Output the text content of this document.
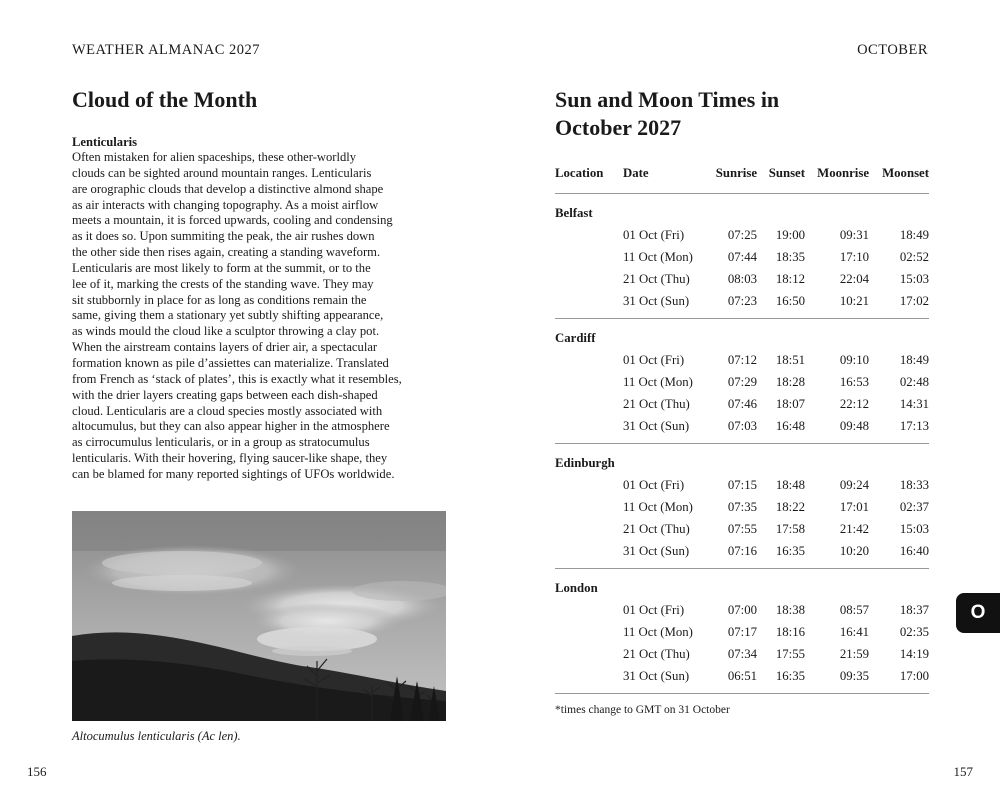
WEATHER ALMANAC 2027	OCTOBER
Cloud of the Month
Lenticularis
Often mistaken for alien spaceships, these other-worldly
clouds can be sighted around mountain ranges. Lenticularis
are orographic clouds that develop a distinctive almond shape
as air interacts with changing topography. As a moist airflow
meets a mountain, it is forced upwards, cooling and condensing
as it does so. Upon summiting the peak, the air rushes down
the other side then rises again, creating a standing waveform.
Lenticularis are most likely to form at the summit, or to the
lee of it, marking the crests of the standing wave. They may
sit stubbornly in place for as long as conditions remain the
same, giving them a stationary yet subtly shifting appearance,
as winds mould the cloud like a sculptor throwing a clay pot.
When the airstream contains layers of drier air, a spectacular
formation known as pile d’assiettes can materialize. Translated
from French as ‘stack of plates’, this is exactly what it resembles,
with the drier layers creating gaps between each dish-shaped
cloud. Lenticularis are a cloud species mostly associated with
altocumulus, but they can also appear higher in the atmosphere
as cirrocumulus lenticularis, or in a group as stratocumulus
lenticularis. With their hovering, flying saucer-like shape, they
can be blamed for many reported sightings of UFOs worldwide.
Altocumulus lenticularis (Ac len).
Sun and Moon Times in
October 2027
Location	Date	Sunrise	Sunset	Moonrise	Moonset
Belfast					
	01 Oct (Fri)	07:25	19:00	09:31	18:49
	11 Oct (Mon)	07:44	18:35	17:10	02:52
	21 Oct (Thu)	08:03	18:12	22:04	15:03
	31 Oct (Sun)	07:23	16:50	10:21	17:02

Cardiff					
	01 Oct (Fri)	07:12	18:51	09:10	18:49
	11 Oct (Mon)	07:29	18:28	16:53	02:48
	21 Oct (Thu)	07:46	18:07	22:12	14:31
	31 Oct (Sun)	07:03	16:48	09:48	17:13

Edinburgh					
	01 Oct (Fri)	07:15	18:48	09:24	18:33
	11 Oct (Mon)	07:35	18:22	17:01	02:37
	21 Oct (Thu)	07:55	17:58	21:42	15:03
	31 Oct (Sun)	07:16	16:35	10:20	16:40

London					
	01 Oct (Fri)	07:00	18:38	08:57	18:37
	11 Oct (Mon)	07:17	18:16	16:41	02:35
	21 Oct (Thu)	07:34	17:55	21:59	14:19
	31 Oct (Sun)	06:51	16:35	09:35	17:00

*times change to GMT on 31 October
O
156	157
